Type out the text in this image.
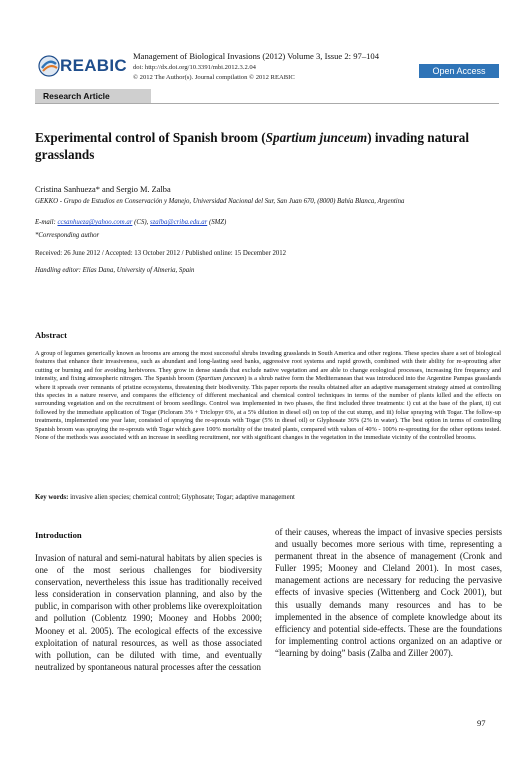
REABIC Management of Biological Invasions (2012) Volume 3, Issue 2: 97–104
doi: http://dx.doi.org/10.3391/mbi.2012.3.2.04
© 2012 The Author(s). Journal compilation © 2012 REABIC
Open Access
Research Article
Experimental control of Spanish broom (Spartium junceum) invading natural grasslands
Cristina Sanhueza* and Sergio M. Zalba
GEKKO - Grupo de Estudios en Conservación y Manejo, Universidad Nacional del Sur, San Juan 670, (8000) Bahía Blanca, Argentina
E-mail: ccsanhueza@yahoo.com.ar (CS), szalba@criba.edu.ar (SMZ)
*Corresponding author
Received: 26 June 2012 / Accepted: 13 October 2012 / Published online: 15 December 2012
Handling editor: Elías Dana, University of Almeria, Spain
Abstract
A group of legumes generically known as brooms are among the most successful shrubs invading grasslands in South America and other regions. These species share a set of biological features that enhance their invasiveness, such as abundant and long-lasting seed banks, aggressive root systems and rapid growth, combined with their ability for re-sprouting after cutting or burning and for avoiding herbivores. They grow in dense stands that exclude native vegetation and are able to change ecological processes, increasing fire frequency and intensity, and fixing atmospheric nitrogen. The Spanish broom (Spartium junceum) is a shrub native form the Mediterranean that was introduced into the Argentine Pampas grasslands where it spreads over remnants of pristine ecosystems, threatening their biodiversity. This paper reports the results obtained after an adaptive management strategy aimed at controlling this species in a nature reserve, and compares the efficiency of different mechanical and chemical control techniques in terms of the number of plants killed and the effects on surrounding vegetation and on the recruitment of broom seedlings. Control was implemented in two phases, the first included three treatments: i) cut at the base of the plant, ii) cut followed by the immediate application of Togar (Picloram 3% + Triclopyr 6%, at a 5% dilution in diesel oil) on top of the cut stump, and iii) foliar spraying with Togar. The follow-up treatments, implemented one year later, consisted of spraying the re-sprouts with Togar (5% in diesel oil) or Glyphosate 36% (2% in water). The best option in terms of controlling Spanish broom was spraying the re-sprouts with Togar which gave 100% mortality of the treated plants, compared with values of 40% - 100% re-sprouting for the other options tested. None of the methods was associated with an increase in seedling recruitment, nor with significant changes in the vegetation in the immediate vicinity of the controlled brooms.
Key words: invasive alien species; chemical control; Glyphosate; Togar; adaptive management
Introduction
Invasion of natural and semi-natural habitats by alien species is one of the most serious challenges for biodiversity conservation, nevertheless this issue has traditionally received less consideration in conservation planning, and also by the public, in comparison with other problems like overexploitation and pollution (Coblentz 1990; Mooney and Hobbs 2000; Mooney et al. 2005). The ecological effects of the excessive exploitation of natural resources, as well as those associated with pollution, can be diluted with time, and eventually neutralized by spontaneous natural processes after the cessation
of their causes, whereas the impact of invasive species persists and usually becomes more serious with time, representing a permanent threat in the absence of management (Cronk and Fuller 1995; Mooney and Cleland 2001). In most cases, management actions are necessary for reducing the pervasive effects of invasive species (Wittenberg and Cock 2001), but this usually demands many resources and has to be implemented in the absence of complete knowledge about its efficiency and potential side-effects. These are the foundations for implementing control actions organized on an adaptive or “learning by doing” basis (Zalba and Ziller 2007).
97
